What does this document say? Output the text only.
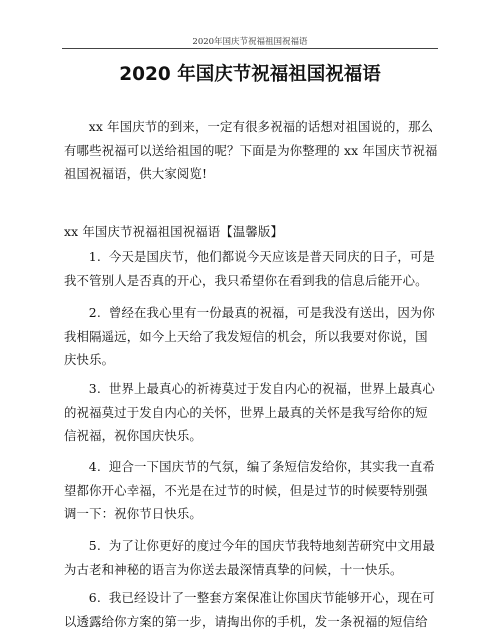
2020年国庆节祝福祖国祝福语
2020 年国庆节祝福祖国祝福语
xx 年国庆节的到来，一定有很多祝福的话想对祖国说的，那么有哪些祝福可以送给祖国的呢？下面是为你整理的 xx 年国庆节祝福祖国祝福语，供大家阅览!
xx 年国庆节祝福祖国祝福语【温馨版】
1. 今天是国庆节，他们都说今天应该是普天同庆的日子，可是我不管别人是否真的开心，我只希望你在看到我的信息后能开心。
2. 曾经在我心里有一份最真的祝福，可是我没有送出，因为你我相隔遥远，如今上天给了我发短信的机会，所以我要对你说，国庆快乐。
3. 世界上最真心的祈祷莫过于发自内心的祝福，世界上最真心的祝福莫过于发自内心的关怀，世界上最真的关怀是我写给你的短信祝福，祝你国庆快乐。
4. 迎合一下国庆节的气氛，编了条短信发给你，其实我一直希望都你开心幸福，不光是在过节的时候，但是过节的时候要特别强调一下：祝你节日快乐。
5. 为了让你更好的度过今年的国庆节我特地刻苦研究中文用最为古老和神秘的语言为你送去最深情真挚的问候，十一快乐。
6. 我已经设计了一整套方案保准让你国庆节能够开心，现在可以透露给你方案的第一步，请掏出你的手机，发一条祝福的短信给
